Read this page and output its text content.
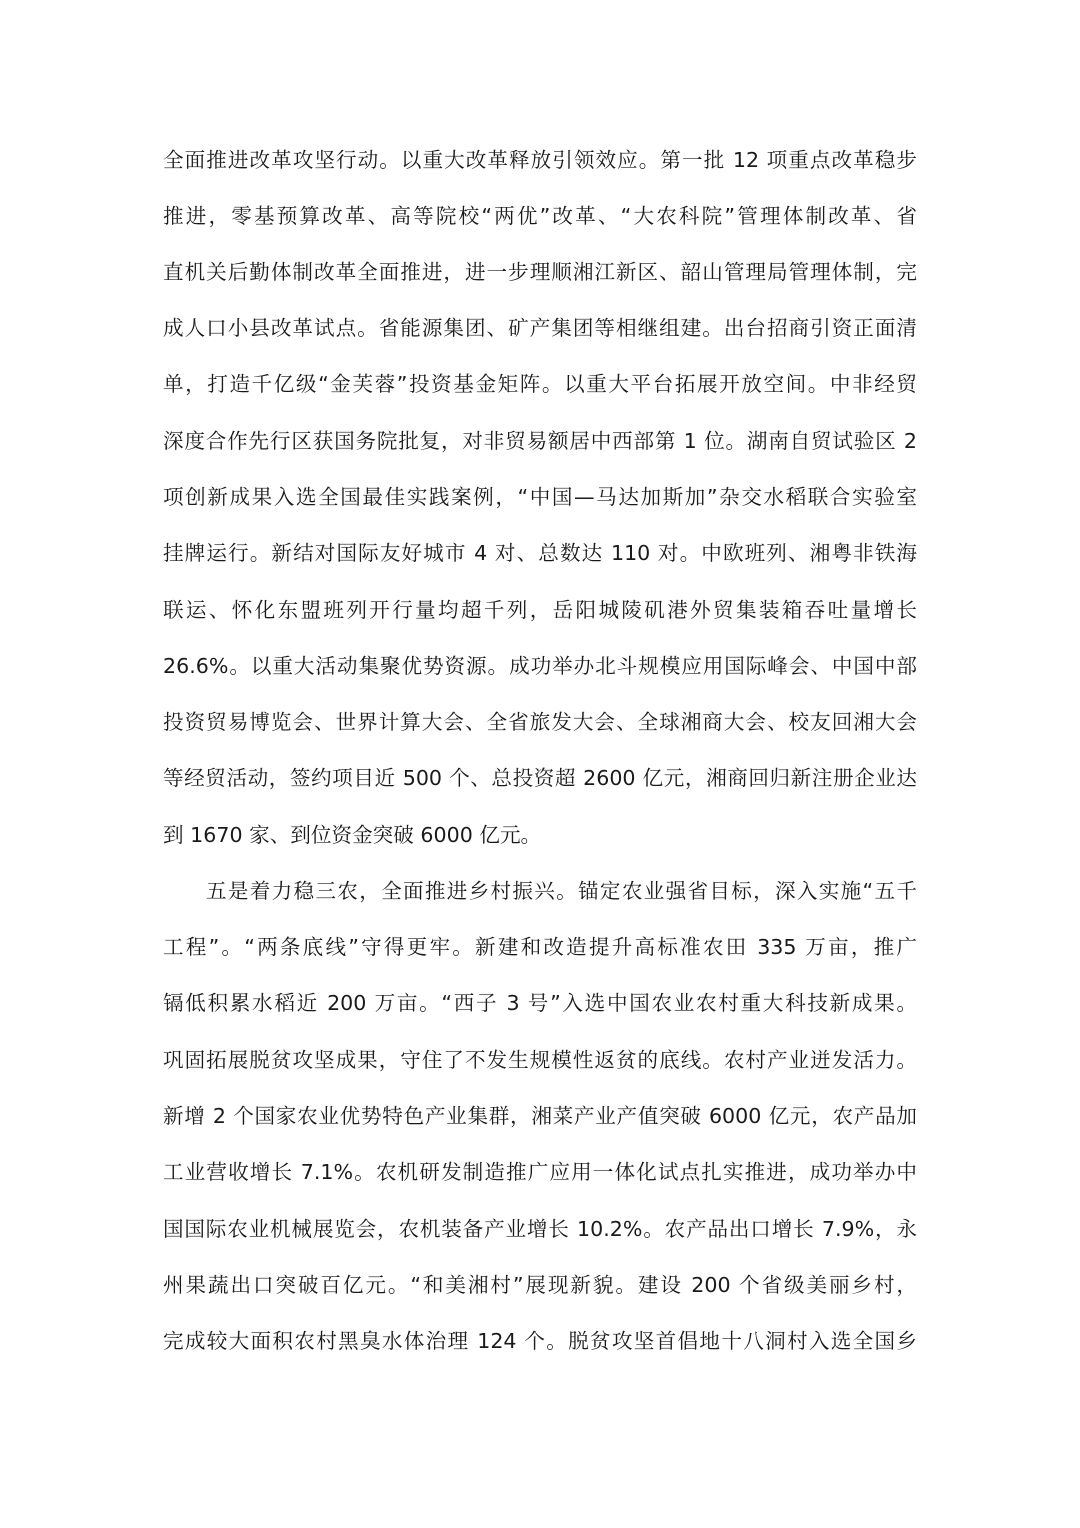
全面推进改革攻坚行动。以重大改革释放引领效应。第一批 12 项重点改革稳步
推进，零基预算改革、高等院校“两优”改革、“大农科院”管理体制改革、省
直机关后勤体制改革全面推进，进一步理顺湘江新区、韶山管理局管理体制，完
成人口小县改革试点。省能源集团、矿产集团等相继组建。出台招商引资正面清
单，打造千亿级“金芙蓉”投资基金矩阵。以重大平台拓展开放空间。中非经贸
深度合作先行区获国务院批复，对非贸易额居中西部第 1 位。湖南自贸试验区 2
项创新成果入选全国最佳实践案例，“中国—马达加斯加”杂交水稻联合实验室
挂牌运行。新结对国际友好城市 4 对、总数达 110 对。中欧班列、湘粤非铁海
联运、怀化东盟班列开行量均超千列，岳阳城陵矶港外贸集装箱吞吐量增长
26.6%。以重大活动集聚优势资源。成功举办北斗规模应用国际峰会、中国中部
投资贸易博览会、世界计算大会、全省旅发大会、全球湘商大会、校友回湘大会
等经贸活动，签约项目近 500 个、总投资超 2600 亿元，湘商回归新注册企业达
到 1670 家、到位资金突破 6000 亿元。
五是着力稳三农，全面推进乡村振兴。锚定农业强省目标，深入实施“五千
工程”。“两条底线”守得更牢。新建和改造提升高标准农田 335 万亩，推广
镉低积累水稻近 200 万亩。“西子 3 号”入选中国农业农村重大科技新成果。
巩固拓展脱贫攻坚成果，守住了不发生规模性返贫的底线。农村产业迸发活力。
新增 2 个国家农业优势特色产业集群，湘菜产业产值突破 6000 亿元，农产品加
工业营收增长 7.1%。农机研发制造推广应用一体化试点扎实推进，成功举办中
国国际农业机械展览会，农机装备产业增长 10.2%。农产品出口增长 7.9%，永
州果蔬出口突破百亿元。“和美湘村”展现新貌。建设 200 个省级美丽乡村，
完成较大面积农村黑臭水体治理 124 个。脱贫攻坚首倡地十八洞村入选全国乡
